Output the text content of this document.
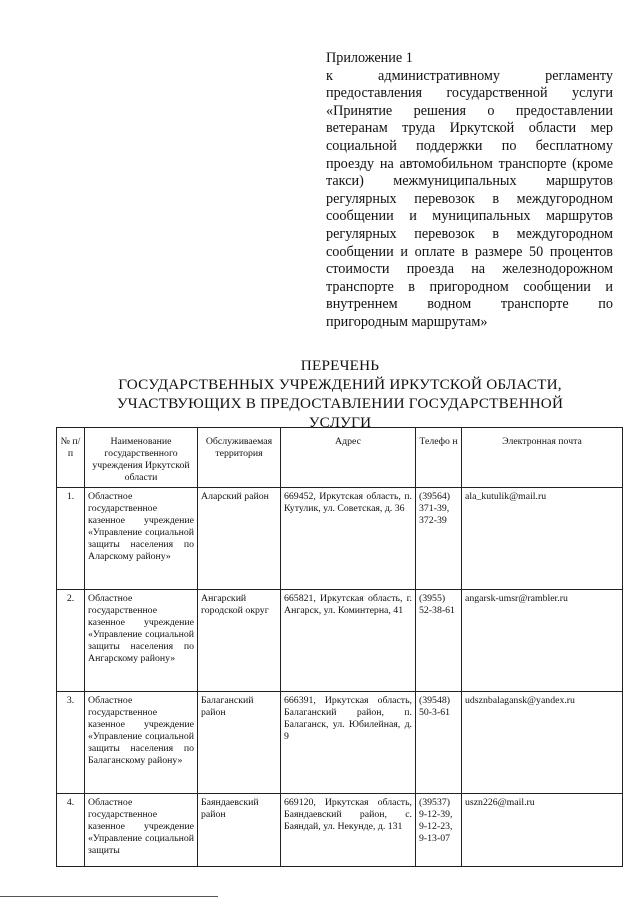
Приложение 1
к административному регламенту предоставления государственной услуги «Принятие решения о предоставлении ветеранам труда Иркутской области мер социальной поддержки по бесплатному проезду на автомобильном транспорте (кроме такси) межмуниципальных маршрутов регулярных перевозок в междугородном сообщении и муниципальных маршрутов регулярных перевозок в междугородном сообщении и оплате в размере 50 процентов стоимости проезда на железнодорожном транспорте в пригородном сообщении и внутреннем водном транспорте по пригородным маршрутам»
ПЕРЕЧЕНЬ
ГОСУДАРСТВЕННЫХ УЧРЕЖДЕНИЙ ИРКУТСКОЙ ОБЛАСТИ,
УЧАСТВУЮЩИХ В ПРЕДОСТАВЛЕНИИ ГОСУДАРСТВЕННОЙ УСЛУГИ
№ п/п	Наименование государственного учреждения Иркутской области	Обслуживаемая территория	Адрес	Телефо н	Электронная почта
1.	Областное государственное казенное учреждение «Управление социальной защиты населения по Аларскому району»	Аларский район	669452, Иркутская область, п. Кутулик, ул. Советская, д. 36	(39564) 371-39, 372-39	ala_kutulik@mail.ru
2.	Областное государственное казенное учреждение «Управление социальной защиты населения по Ангарскому району»	Ангарский городской округ	665821, Иркутская область, г. Ангарск, ул. Коминтерна, 41	(3955) 52-38-61	angarsk-umsr@rambler.ru
3.	Областное государственное казенное учреждение «Управление социальной защиты населения по Балаганскому району»	Балаганский район	666391, Иркутская область, Балаганский район, п. Балаганск, ул. Юбилейная, д. 9	(39548) 50-3-61	udsznbalagansk@yandex.ru
4.	Областное государственное казенное учреждение «Управление социальной защиты	Баяндаевский район	669120, Иркутская область, Баяндаевский район, с. Баяндай, ул. Некунде, д. 131	(39537) 9-12-39, 9-12-23, 9-13-07	uszn226@mail.ru
